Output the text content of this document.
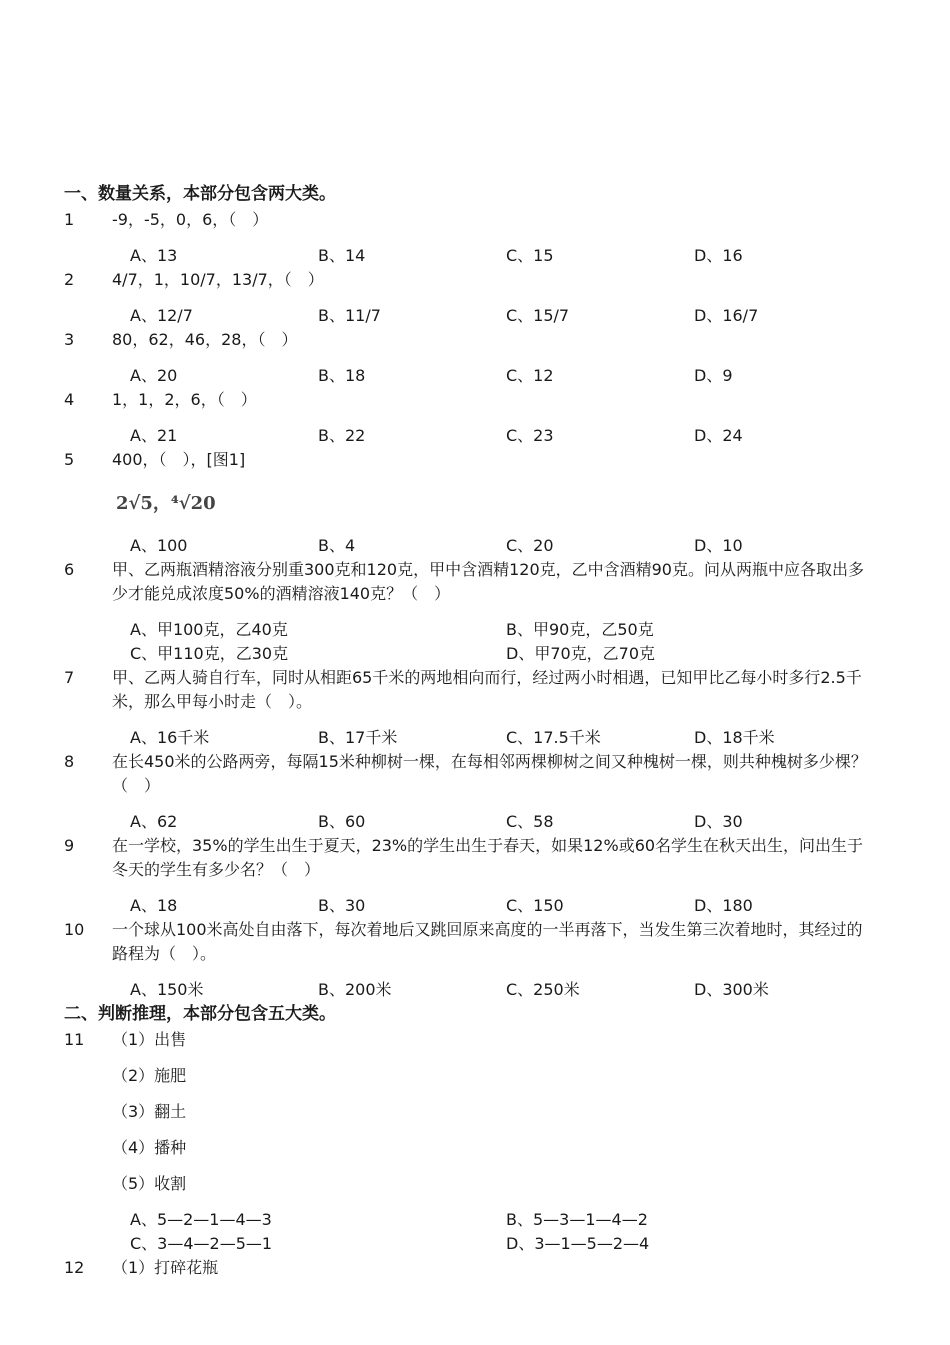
一、数量关系，本部分包含两大类。
1 -9，-5，0，6，（　）
A、13	B、14	C、15	D、16
2 4/7，1，10/7，13/7，（　）
A、12/7	B、11/7	C、15/7	D、16/7
3 80，62，46，28，（　）
A、20	B、18	C、12	D、9
4 1，1，2，6，（　）
A、21	B、22	C、23	D、24
5 400，（　），[图1]
2√5，⁴√20
A、100	B、4	C、20	D、10
6 甲、乙两瓶酒精溶液分别重300克和120克，甲中含酒精120克，乙中含酒精90克。问从两瓶中应各取出多少才能兑成浓度50%的酒精溶液140克？（　）
A、甲100克，乙40克	B、甲90克，乙50克
C、甲110克，乙30克	D、甲70克，乙70克
7 甲、乙两人骑自行车，同时从相距65千米的两地相向而行，经过两小时相遇，已知甲比乙每小时多行2.5千米，那么甲每小时走（　）。
A、16千米	B、17千米	C、17.5千米	D、18千米
8 在长450米的公路两旁，每隔15米种柳树一棵，在每相邻两棵柳树之间又种槐树一棵，则共种槐树多少棵？（　）
A、62	B、60	C、58	D、30
9 在一学校，35%的学生出生于夏天，23%的学生出生于春天，如果12%或60名学生在秋天出生，问出生于冬天的学生有多少名？（　）
A、18	B、30	C、150	D、180
10 一个球从100米高处自由落下，每次着地后又跳回原来高度的一半再落下，当发生第三次着地时，其经过的路程为（　）。
A、150米	B、200米	C、250米	D、300米
二、判断推理，本部分包含五大类。
11 （1）出售
（2）施肥
（3）翻土
（4）播种
（5）收割
A、5—2—1—4—3	B、5—3—1—4—2
C、3—4—2—5—1	D、3—1—5—2—4
12 （1）打碎花瓶
